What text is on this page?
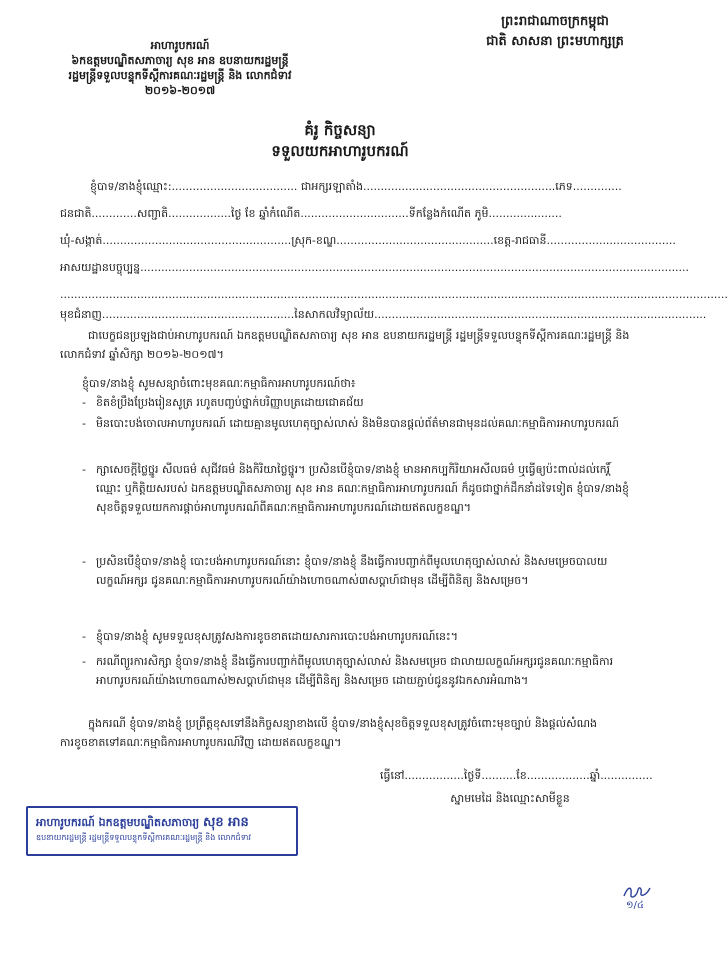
អាហារូបករណ៍
៦កឧត្តមបណ្ឌិតសភាចារ្យ សុខ អាន ឧបនាយករដ្ឋមន្រ្តី
រដ្ឋមន្រ្តីទទួលបន្ទុកទីស្តីការគណៈរដ្ឋមន្រ្តី និង លោកជំទាវ
២០១៦-២០១៧
ព្រះរាជាណាចក្រកម្ពុជា
ជាតិ សាសនា ព្រះមហាក្សត្រ
គំរូ កិច្ចសន្យា
ទទួលយកអាហារូបករណ៍
ខ្ញុំបាទ/នាងខ្ញុំឈ្មោះ:.................................... ជាអក្សរឡាតាំង.......................................................ភេទ..............
ជនជាតិ.............សញ្ជាតិ..................ថ្ងៃ ខែ ឆ្នាំកំណើត...............................ទីកន្លែងកំណើត ភូមិ.....................
ឃុំ-សង្កាត់......................................................ស្រុក-ខណ្ឌ.............................................ខេត្ត-រាជធានី.....................................
អាសយដ្ឋានបច្ចុប្បន្ន.............................................................................................................................................................
...............................................................................................................................................................................................
មុខជំនាញ.......................................................នៃសាកលវិទ្យាល័យ...............................................................................................
ជាបេក្ខជនប្រឡងជាប់អាហារូបករណ៍ ឯកឧត្តមបណ្ឌិតសភាចារ្យ សុខ អាន ឧបនាយករដ្ឋមន្រ្តី រដ្ឋមន្រ្តីទទួលបន្ទុកទីស្តីការគណៈរដ្ឋមន្រ្តី និងលោកជំទាវ ឆ្នាំសិក្សា ២០១៦-២០១៧។
ខ្ញុំបាទ/នាងខ្ញុំ សូមសន្យាចំពោះមុខគណៈកម្មាធិការអាហារូបករណ៍ថា៖
- ខិតខំប្រឹងប្រែងរៀនសូត្រ រហូតបញ្ចប់ថ្នាក់បរិញ្ញាបត្រដោយជោគជ័យ
- មិនបោះបង់ចោលអាហារូបករណ៍ ដោយគ្មានមូលហេតុច្បាស់លាស់ និងមិនបានផ្តល់ព័ត៌មានជាមុនដល់គណៈកម្មាធិការអាហារូបករណ៍
- ក្សាសេចក្តីថ្លៃថ្នូរ សីលធម៌ សុជីវធម៌ និងកិរិយាថ្លៃថ្នូរ។ ប្រសិនបើខ្ញុំបាទ/នាងខ្ញុំ មានអាកប្បកិរិយាអសីលធម៌ ឬធ្វើឲ្យប៉ះពាល់ដល់កេរ្តិ៍ឈ្មោះ ឬកិត្តិយសរបស់ ឯកឧត្តមបណ្ឌិតសភាចារ្យ សុខ អាន គណៈកម្មាធិការអាហារូបករណ៍ ក៏ដូចជាថ្នាក់ដឹកនាំដទៃទៀត ខ្ញុំបាទ/នាងខ្ញុំ សុខចិត្តទទួលយកការផ្តាច់អាហារូបករណ៍ពីគណៈកម្មាធិការអាហារូបករណ៍ដោយឥតលក្ខខណ្ឌ។
- ប្រសិនបើខ្ញុំបាទ/នាងខ្ញុំ បោះបង់អាហារូបករណ៍នោះ ខ្ញុំបាទ/នាងខ្ញុំ នឹងធ្វើការបញ្ជាក់ពីមូលហេតុច្បាស់លាស់ និងសមម្រេចបាលយលក្ខណ៍អក្សរ ជូនគណៈកម្មាធិការអាហារូបករណ៍យ៉ាងហោចណាស់៣សប្តាហ៍ជាមុន ដើម្បីពិនិត្យ និងសម្រេច។
- ខ្ញុំបាទ/នាងខ្ញុំ សូមទទួលខុសត្រូវសងការខូចខាតដោយសារការបោះបង់អាហារូបករណ៍នេះ។
- ករណីព្យួរការសិក្សា ខ្ញុំបាទ/នាងខ្ញុំ នឹងធ្វើការបញ្ជាក់ពីមូលហេតុច្បាស់លាស់ និងសមម្រេច ជាលាយលក្ខណ៍អក្សរជូនគណៈកម្មាធិការអាហារូបករណ៍យ៉ាងហោចណាស់២សប្តាហ៍ជាមុន ដើម្បីពិនិត្យ និងសម្រេច ដោយភ្ជាប់ជូននូវឯកសារអំណាង។
ក្នុងករណី ខ្ញុំបាទ/នាងខ្ញុំ ប្រព្រឹត្តខុសទៅនឹងកិច្ចសន្យាខាងលើ ខ្ញុំបាទ/នាងខ្ញុំសុខចិត្តទទួលខុសត្រូវចំពោះមុខច្បាប់ និងផ្តល់សំណងការខូចខាតទៅគណៈកម្មាធិការអាហារូបករណ៍វិញ ដោយឥតលក្ខខណ្ឌ។
ធ្វើនៅ.................ថ្ងៃទី..........ខែ..................ឆ្នាំ...............
ស្នាមមេដៃ និងឈ្មោះសាមីខ្លួន
អាហារូបករណ៍ ឯកឧត្តមបណ្ឌិតសភាចារ្យ សុខ អាន
ឧបនាយករដ្ឋមន្រ្តី រដ្ឋមន្រ្តីទទួលបន្ទុកទីស្តីការគណៈរដ្ឋមន្រ្តី និង លោកជំទាវ
១/៤
